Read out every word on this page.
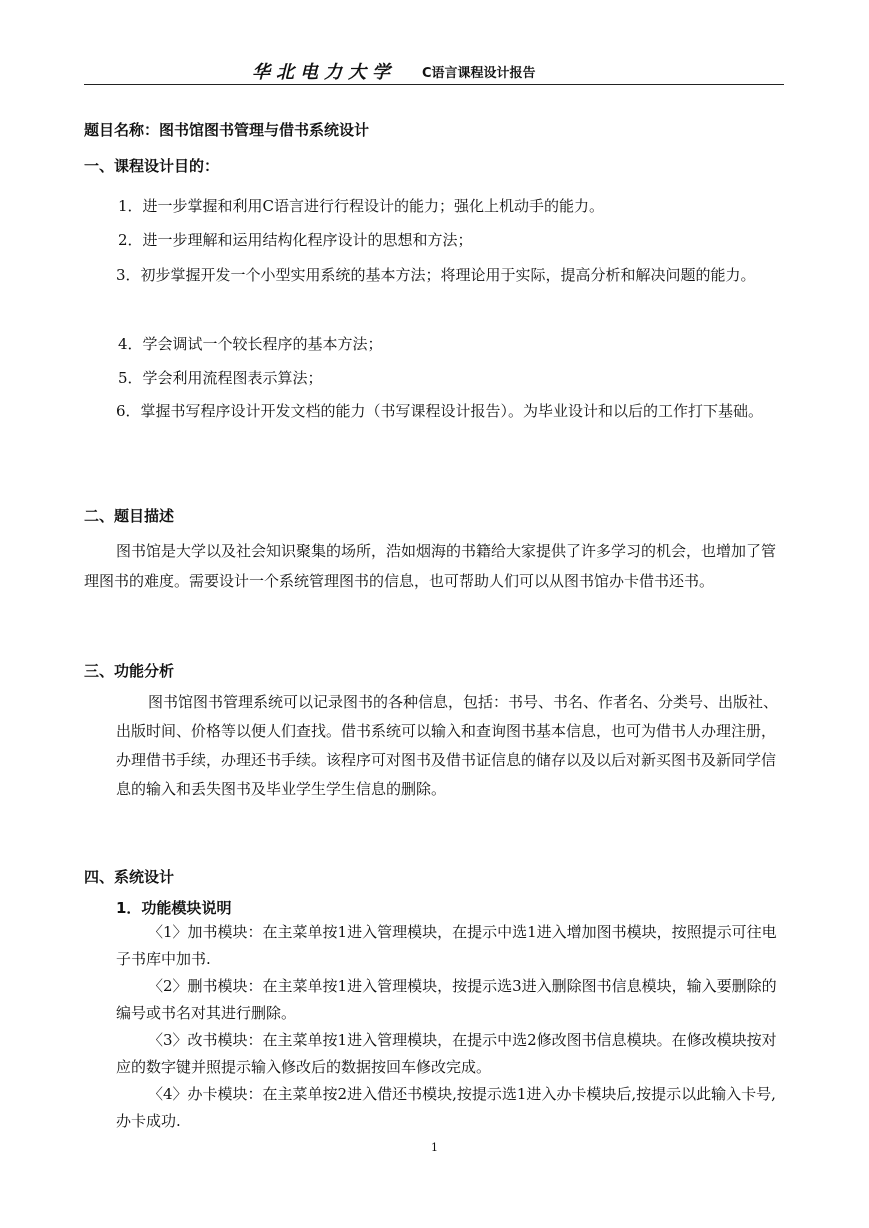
华北电力大学 C语言课程设计报告
题目名称：图书馆图书管理与借书系统设计
一、课程设计目的：
1．进一步掌握和利用C语言进行行程设计的能力；强化上机动手的能力。
2．进一步理解和运用结构化程序设计的思想和方法；

3．初步掌握开发一个小型实用系统的基本方法；将理论用于实际，提高分析和解决问题的能力。

4．学会调试一个较长程序的基本方法；
5．学会利用流程图表示算法；

6．掌握书写程序设计开发文档的能力（书写课程设计报告）。为毕业设计和以后的工作打下基础。

二、题目描述

图书馆是大学以及社会知识聚集的场所，浩如烟海的书籍给大家提供了许多学习的机会，也增加了管理图书的难度。需要设计一个系统管理图书的信息，也可帮助人们可以从图书馆办卡借书还书。

三、功能分析

图书馆图书管理系统可以记录图书的各种信息，包括：书号、书名、作者名、分类号、出版社、出版时间、价格等以便人们查找。借书系统可以输入和查询图书基本信息，也可为借书人办理注册，办理借书手续，办理还书手续。该程序可对图书及借书证信息的储存以及以后对新买图书及新同学信息的输入和丢失图书及毕业学生学生信息的删除。

四、系统设计
1．功能模块说明

〈1〉加书模块：在主菜单按1进入管理模块，在提示中选1进入增加图书模块，按照提示可往电子书库中加书.

〈2〉删书模块：在主菜单按1进入管理模块，按提示选3进入删除图书信息模块，输入要删除的编号或书名对其进行删除。

〈3〉改书模块：在主菜单按1进入管理模块，在提示中选2修改图书信息模块。在修改模块按对应的数字键并照提示输入修改后的数据按回车修改完成。

〈4〉办卡模块：在主菜单按2进入借还书模块,按提示选1进入办卡模块后,按提示以此输入卡号,办卡成功.

1
